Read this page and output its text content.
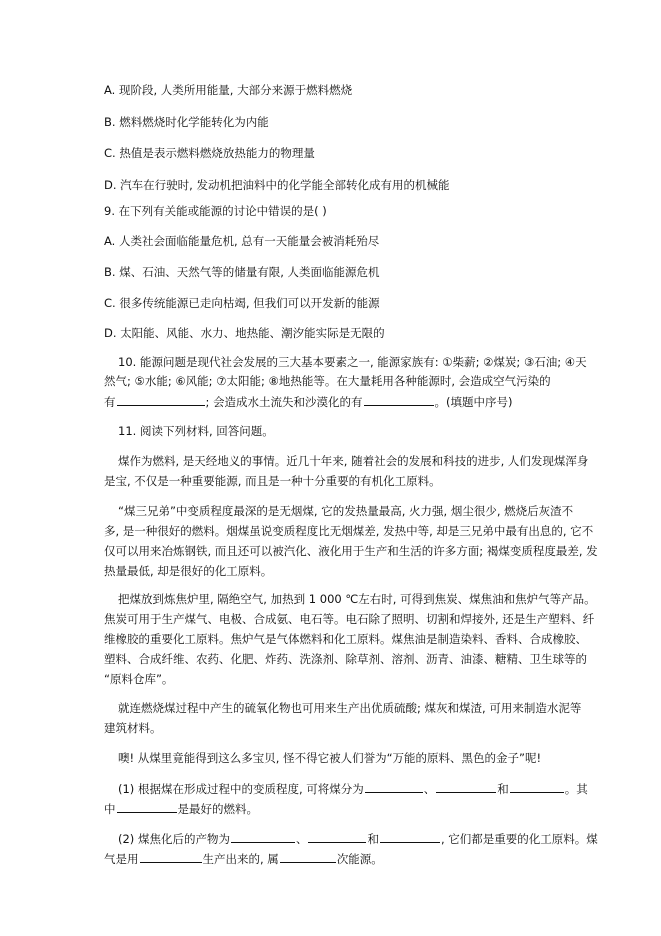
A. 现阶段, 人类所用能量, 大部分来源于燃料燃烧
B. 燃料燃烧时化学能转化为内能
C. 热值是表示燃料燃烧放热能力的物理量
D. 汽车在行驶时, 发动机把油料中的化学能全部转化成有用的机械能
9. 在下列有关能或能源的讨论中错误的是( )
A. 人类社会面临能量危机, 总有一天能量会被消耗殆尽
B. 煤、石油、天然气等的储量有限, 人类面临能源危机
C. 很多传统能源已走向枯竭, 但我们可以开发新的能源
D. 太阳能、风能、水力、地热能、潮汐能实际是无限的
10. 能源问题是现代社会发展的三大基本要素之一, 能源家族有: ①柴薪; ②煤炭; ③石油; ④天
然气; ⑤水能; ⑥风能; ⑦太阳能; ⑧地热能等。在大量耗用各种能源时, 会造成空气污染的
有	; 会造成水土流失和沙漠化的有	。(填题中序号)
11. 阅读下列材料, 回答问题。
煤作为燃料, 是天经地义的事情。近几十年来, 随着社会的发展和科技的进步, 人们发现煤浑身
是宝, 不仅是一种重要能源, 而且是一种十分重要的有机化工原料。
“煤三兄弟”中变质程度最深的是无烟煤, 它的发热量最高, 火力强, 烟尘很少, 燃烧后灰渣不
多, 是一种很好的燃料。烟煤虽说变质程度比无烟煤差, 发热中等, 却是三兄弟中最有出息的, 它不
仅可以用来冶炼钢铁, 而且还可以被汽化、液化用于生产和生活的许多方面; 褐煤变质程度最差, 发
热量最低, 却是很好的化工原料。
把煤放到炼焦炉里, 隔绝空气, 加热到 1 000 ℃左右时, 可得到焦炭、煤焦油和焦炉气等产品。
焦炭可用于生产煤气、电极、合成氨、电石等。电石除了照明、切割和焊接外, 还是生产塑料、纤
维橡胶的重要化工原料。焦炉气是气体燃料和化工原料。煤焦油是制造染料、香料、合成橡胶、
塑料、合成纤维、农药、化肥、炸药、洗涤剂、除草剂、溶剂、沥青、油漆、糖精、卫生球等的
“原料仓库”。
就连燃烧煤过程中产生的硫氧化物也可用来生产出优质硫酸; 煤灰和煤渣, 可用来制造水泥等
建筑材料。
噢! 从煤里竟能得到这么多宝贝, 怪不得它被人们誉为“万能的原料、黑色的金子”呢!
(1) 根据煤在形成过程中的变质程度, 可将煤分为	、	和	。其
中	是最好的燃料。
(2) 煤焦化后的产物为	、	和	, 它们都是重要的化工原料。煤
气是用	生产出来的, 属	次能源。
